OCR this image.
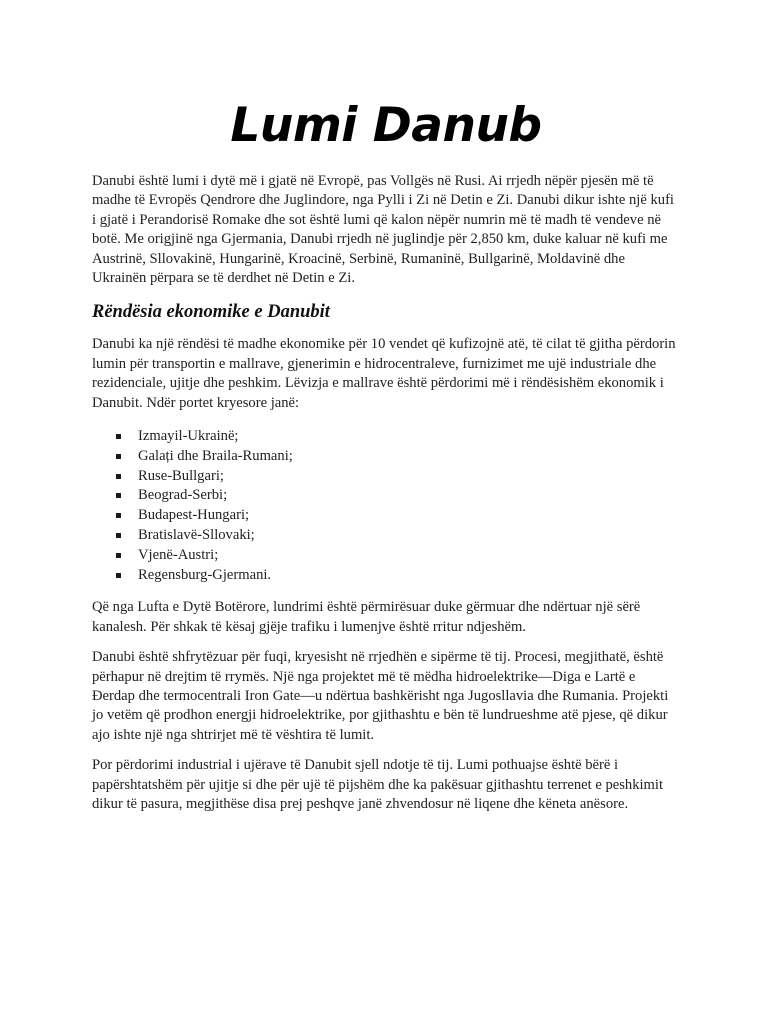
Lumi Danub

Danubi është lumi i dytë më i gjatë në Evropë, pas Vollgës në Rusi. Ai rrjedh nëpër pjesën më të madhe të Evropës Qendrore dhe Juglindore, nga Pylli i Zi në Detin e Zi. Danubi dikur ishte një kufi i gjatë i Perandorisë Romake dhe sot është lumi që kalon nëpër numrin më të madh të vendeve në botë. Me origjinë nga Gjermania, Danubi rrjedh në juglindje për 2,850 km, duke kaluar në kufi me Austrinë, Sllovakinë, Hungarinë, Kroacinë, Serbinë, Rumaninë, Bullgarinë, Moldavinë dhe Ukrainën përpara se të derdhet në Detin e Zi.

Rëndësia ekonomike e Danubit

Danubi ka një rëndësi të madhe ekonomike për 10 vendet që kufizojnë atë, të cilat të gjitha përdorin lumin për transportin e mallrave, gjenerimin e hidrocentraleve, furnizimet me ujë industriale dhe rezidenciale, ujitje dhe peshkim. Lëvizja e mallrave është përdorimi më i rëndësishëm ekonomik i Danubit. Ndër portet kryesore janë:

Izmayil-Ukrainë;
Galați dhe Braila-Rumani;
Ruse-Bullgari;
Beograd-Serbi;
Budapest-Hungari;
Bratislavë-Sllovaki;
Vjenë-Austri;
Regensburg-Gjermani.

Që nga Lufta e Dytë Botërore, lundrimi është përmirësuar duke gërmuar dhe ndërtuar një sërë kanalesh. Për shkak të kësaj gjëje trafiku i lumenjve është rritur ndjeshëm.

Danubi është shfrytëzuar për fuqi, kryesisht në rrjedhën e sipërme të tij. Procesi, megjithatë, është përhapur në drejtim të rrymës. Një nga projektet më të mëdha hidroelektrike—Diga e Lartë e Đerdap dhe termocentrali Iron Gate—u ndërtua bashkërisht nga Jugosllavia dhe Rumania. Projekti jo vetëm që prodhon energji hidroelektrike, por gjithashtu e bën të lundrueshme atë pjese, që dikur ajo ishte një nga shtrirjet më të vështira të lumit.

Por përdorimi industrial i ujërave të Danubit sjell ndotje të tij. Lumi pothuajse është bërë i papërshtatshëm për ujitje si dhe për ujë të pijshëm dhe ka pakësuar gjithashtu terrenet e peshkimit dikur të pasura, megjithëse disa prej peshqve janë zhvendosur në liqene dhe këneta anësore.
